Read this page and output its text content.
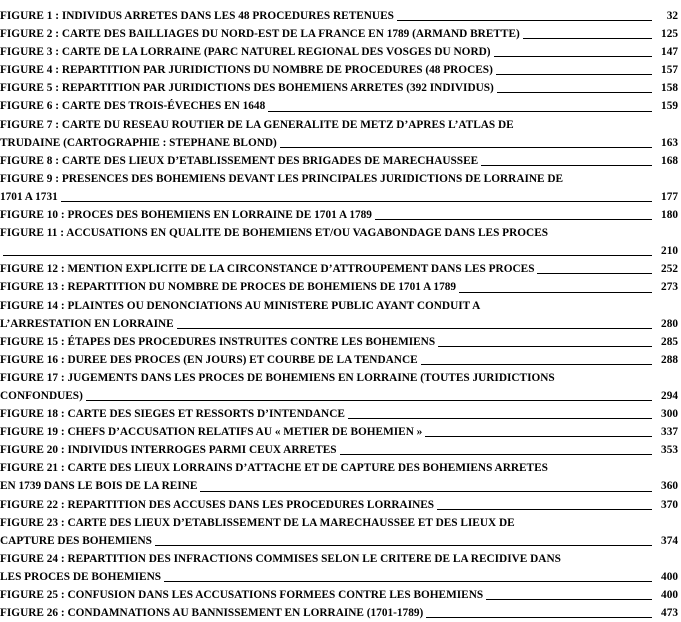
FIGURE 1 : INDIVIDUS ARRETES DANS LES 48 PROCEDURES RETENUES	32
FIGURE 2 : CARTE DES BAILLIAGES DU NORD-EST DE LA FRANCE EN 1789 (ARMAND BRETTE)	125
FIGURE 3 : CARTE DE LA LORRAINE (PARC NATUREL REGIONAL DES VOSGES DU NORD)	147
FIGURE 4 : REPARTITION PAR JURIDICTIONS DU NOMBRE DE PROCEDURES (48 PROCES)	157
FIGURE 5 : REPARTITION PAR JURIDICTIONS DES BOHEMIENS ARRETES (392 INDIVIDUS)	158
FIGURE 6 : CARTE DES TROIS-ÉVECHES EN 1648	159
FIGURE 7 : CARTE DU RESEAU ROUTIER DE LA GENERALITE DE METZ D’APRES L’ATLAS DE
TRUDAINE (CARTOGRAPHIE : STEPHANE BLOND)	163
FIGURE 8 : CARTE DES LIEUX D’ETABLISSEMENT DES BRIGADES DE MARECHAUSSEE	168
FIGURE 9 : PRESENCES DES BOHEMIENS DEVANT LES PRINCIPALES JURIDICTIONS DE LORRAINE DE
1701 A 1731	177
FIGURE 10 : PROCES DES BOHEMIENS EN LORRAINE DE 1701 A 1789	180
FIGURE 11 : ACCUSATIONS EN QUALITE DE BOHEMIENS ET/OU VAGABONDAGE DANS LES PROCES
210
FIGURE 12 : MENTION EXPLICITE DE LA CIRCONSTANCE D’ATTROUPEMENT DANS LES PROCES	252
FIGURE 13 : REPARTITION DU NOMBRE DE PROCES DE BOHEMIENS DE 1701 A 1789	273
FIGURE 14 : PLAINTES OU DENONCIATIONS AU MINISTERE PUBLIC AYANT CONDUIT A
L’ARRESTATION EN LORRAINE	280
FIGURE 15 : ÉTAPES DES PROCEDURES INSTRUITES CONTRE LES BOHEMIENS	285
FIGURE 16 : DUREE DES PROCES (EN JOURS) ET COURBE DE LA TENDANCE	288
FIGURE 17 : JUGEMENTS DANS LES PROCES DE BOHEMIENS EN LORRAINE (TOUTES JURIDICTIONS
CONFONDUES)	294
FIGURE 18 : CARTE DES SIEGES ET RESSORTS D’INTENDANCE	300
FIGURE 19 : CHEFS D’ACCUSATION RELATIFS AU « METIER DE BOHEMIEN »	337
FIGURE 20 : INDIVIDUS INTERROGES PARMI CEUX ARRETES	353
FIGURE 21 : CARTE DES LIEUX LORRAINS D’ATTACHE ET DE CAPTURE DES BOHEMIENS ARRETES
EN 1739 DANS LE BOIS DE LA REINE	360
FIGURE 22 : REPARTITION DES ACCUSES DANS LES PROCEDURES LORRAINES	370
FIGURE 23 : CARTE DES LIEUX D’ETABLISSEMENT DE LA MARECHAUSSEE ET DES LIEUX DE
CAPTURE DES BOHEMIENS	374
FIGURE 24 : REPARTITION DES INFRACTIONS COMMISES SELON LE CRITERE DE LA RECIDIVE DANS
LES PROCES DE BOHEMIENS	400
FIGURE 25 : CONFUSION DANS LES ACCUSATIONS FORMEES CONTRE LES BOHEMIENS	400
FIGURE 26 : CONDAMNATIONS AU BANNISSEMENT EN LORRAINE (1701-1789)	473
